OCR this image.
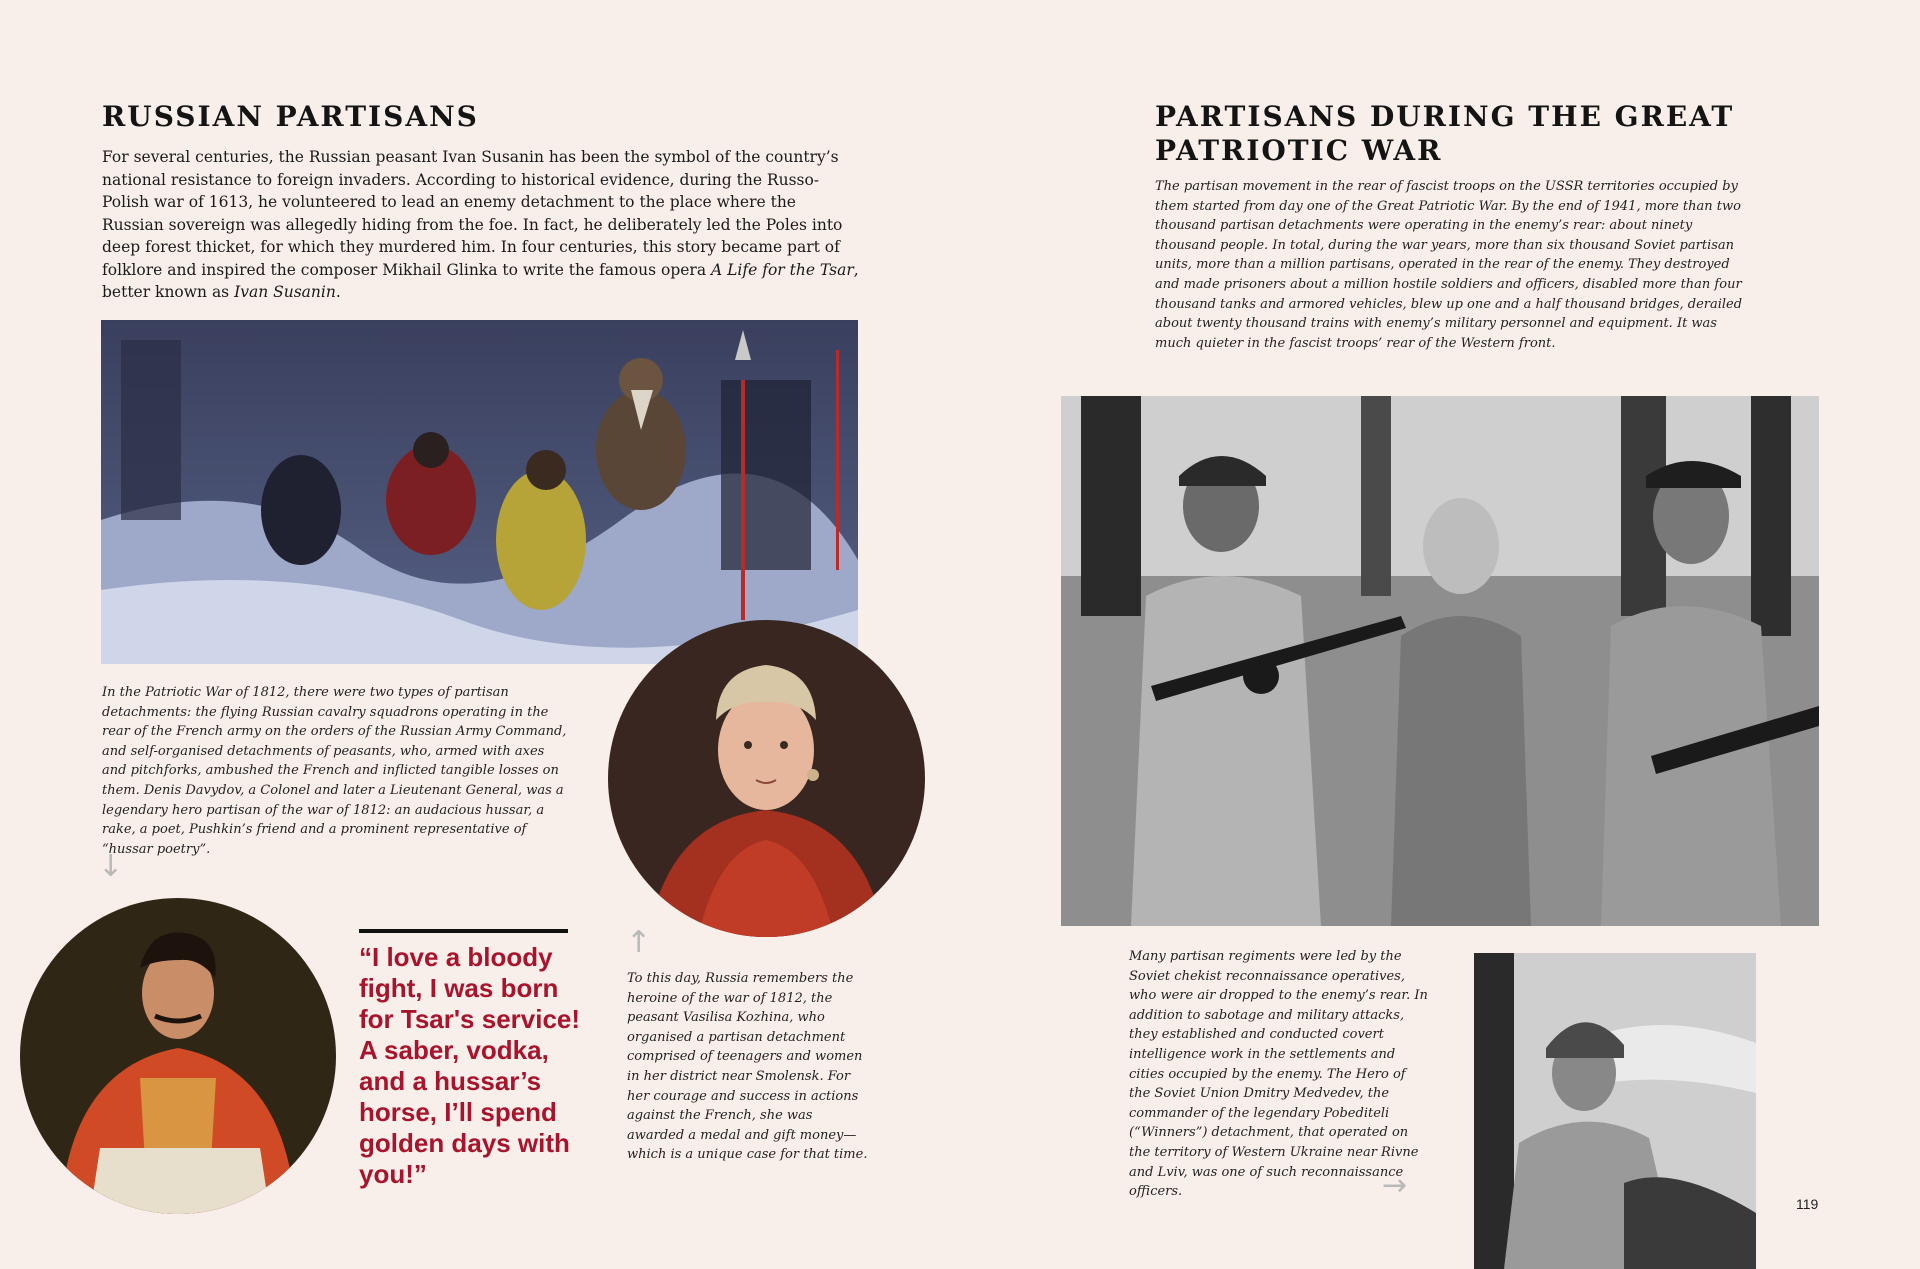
RUSSIAN PARTISANS

For several centuries, the Russian peasant Ivan Susanin has been the symbol of the country’s national resistance to foreign invaders. According to historical evidence, during the Russo-Polish war of 1613, he volunteered to lead an enemy detachment to the place where the Russian sovereign was allegedly hiding from the foe. In fact, he deliberately led the Poles into deep forest thicket, for which they murdered him. In four centuries, this story became part of folklore and inspired the composer Mikhail Glinka to write the famous opera A Life for the Tsar, better known as Ivan Susanin.

In the Patriotic War of 1812, there were two types of partisan detachments: the flying Russian cavalry squadrons operating in the rear of the French army on the orders of the Russian Army Command, and self-organised detachments of peasants, who, armed with axes and pitchforks, ambushed the French and inflicted tangible losses on them. Denis Davydov, a Colonel and later a Lieutenant General, was a legendary hero partisan of the war of 1812: an audacious hussar, a rake, a poet, Pushkin’s friend and a prominent representative of “hussar poetry”.

↓

“I love a bloody fight, I was born for Tsar's service! A saber, vodka, and a hussar’s horse, I’ll spend golden days with you!”

↑

To this day, Russia remembers the heroine of the war of 1812, the peasant Vasilisa Kozhina, who organised a partisan detachment comprised of teenagers and women in her district near Smolensk. For her courage and success in actions against the French, she was awarded a medal and gift money—which is a unique case for that time.

PARTISANS DURING THE GREAT PATRIOTIC WAR

The partisan movement in the rear of fascist troops on the USSR territories occupied by them started from day one of the Great Patriotic War. By the end of 1941, more than two thousand partisan detachments were operating in the enemy’s rear: about ninety thousand people. In total, during the war years, more than six thousand Soviet partisan units, more than a million partisans, operated in the rear of the enemy. They destroyed and made prisoners about a million hostile soldiers and officers, disabled more than four thousand tanks and armored vehicles, blew up one and a half thousand bridges, derailed about twenty thousand trains with enemy’s military personnel and equipment. It was much quieter in the fascist troops’ rear of the Western front.

Many partisan regiments were led by the Soviet chekist reconnaissance operatives, who were air dropped to the enemy’s rear. In addition to sabotage and military attacks, they established and conducted covert intelligence work in the settlements and cities occupied by the enemy. The Hero of the Soviet Union Dmitry Medvedev, the commander of the legendary Pobediteli (“Winners”) detachment, that operated on the territory of Western Ukraine near Rivne and Lviv, was one of such reconnaissance officers.	→
119
